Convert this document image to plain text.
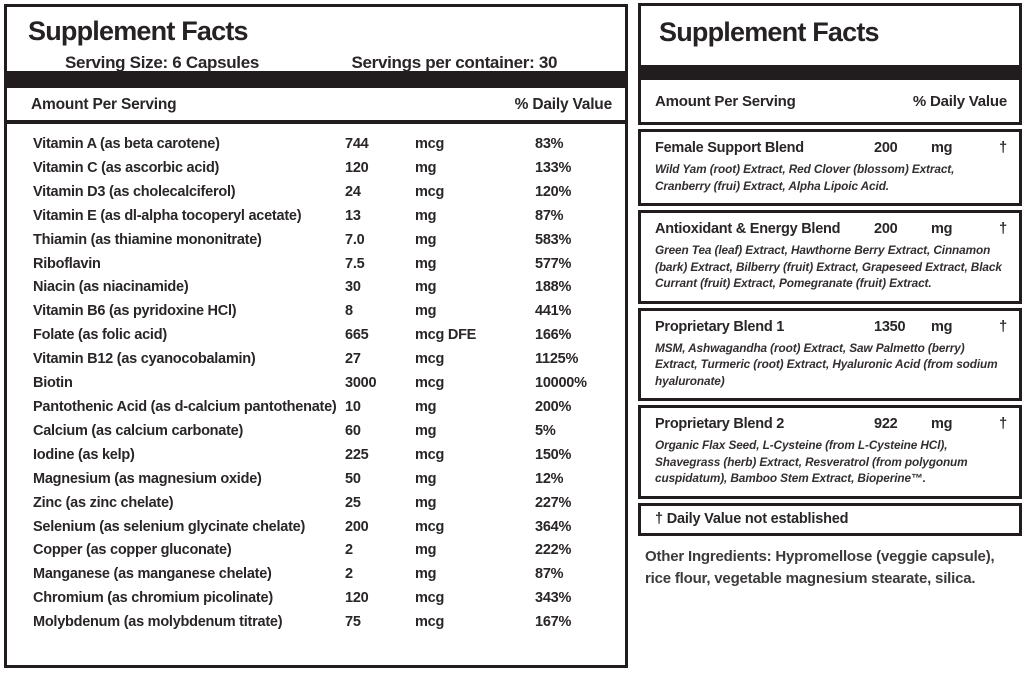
Supplement Facts
Serving Size: 6 Capsules	Servings per container: 30
Amount Per Serving	% Daily Value
Vitamin A (as beta carotene)	744	mcg	83%
Vitamin C (as ascorbic acid)	120	mg	133%
Vitamin D3 (as cholecalciferol)	24	mcg	120%
Vitamin E (as dl-alpha tocoperyl acetate)	13	mg	87%
Thiamin (as thiamine mononitrate)	7.0	mg	583%
Riboflavin	7.5	mg	577%
Niacin (as niacinamide)	30	mg	188%
Vitamin B6 (as pyridoxine HCl)	8	mg	441%
Folate (as folic acid)	665	mcg DFE	166%
Vitamin B12 (as cyanocobalamin)	27	mcg	1125%
Biotin	3000	mcg	10000%
Pantothenic Acid (as d-calcium pantothenate) 10	mg	200%
Calcium (as calcium carbonate)	60	mg	5%
Iodine (as kelp)	225	mcg	150%
Magnesium (as magnesium oxide)	50	mg	12%
Zinc (as zinc chelate)	25	mg	227%
Selenium (as selenium glycinate chelate)	200	mcg	364%
Copper (as copper gluconate)	2	mg	222%
Manganese (as manganese chelate)	2	mg	87%
Chromium (as chromium picolinate)	120	mcg	343%
Molybdenum (as molybdenum titrate)	75	mcg	167%
Supplement Facts
Amount Per Serving	% Daily Value
Female Support Blend	200	mg	†
Wild Yam (root) Extract, Red Clover (blossom) Extract, Cranberry (frui) Extract, Alpha Lipoic Acid.
Antioxidant & Energy Blend	200	mg	†
Green Tea (leaf) Extract, Hawthorne Berry Extract, Cinnamon (bark) Extract, Bilberry (fruit) Extract, Grapeseed Extract, Black Currant (fruit) Extract, Pomegranate (fruit) Extract.
Proprietary Blend 1	1350	mg	†
MSM, Ashwagandha (root) Extract, Saw Palmetto (berry) Extract, Turmeric (root) Extract, Hyaluronic Acid (from sodium hyaluronate)
Proprietary Blend 2	922	mg	†
Organic Flax Seed, L-Cysteine (from L-Cysteine HCl), Shavegrass (herb) Extract, Resveratrol (from polygonum cuspidatum), Bamboo Stem Extract, Bioperine™.
† Daily Value not established

Other Ingredients: Hypromellose (veggie capsule), rice flour, vegetable magnesium stearate, silica.
